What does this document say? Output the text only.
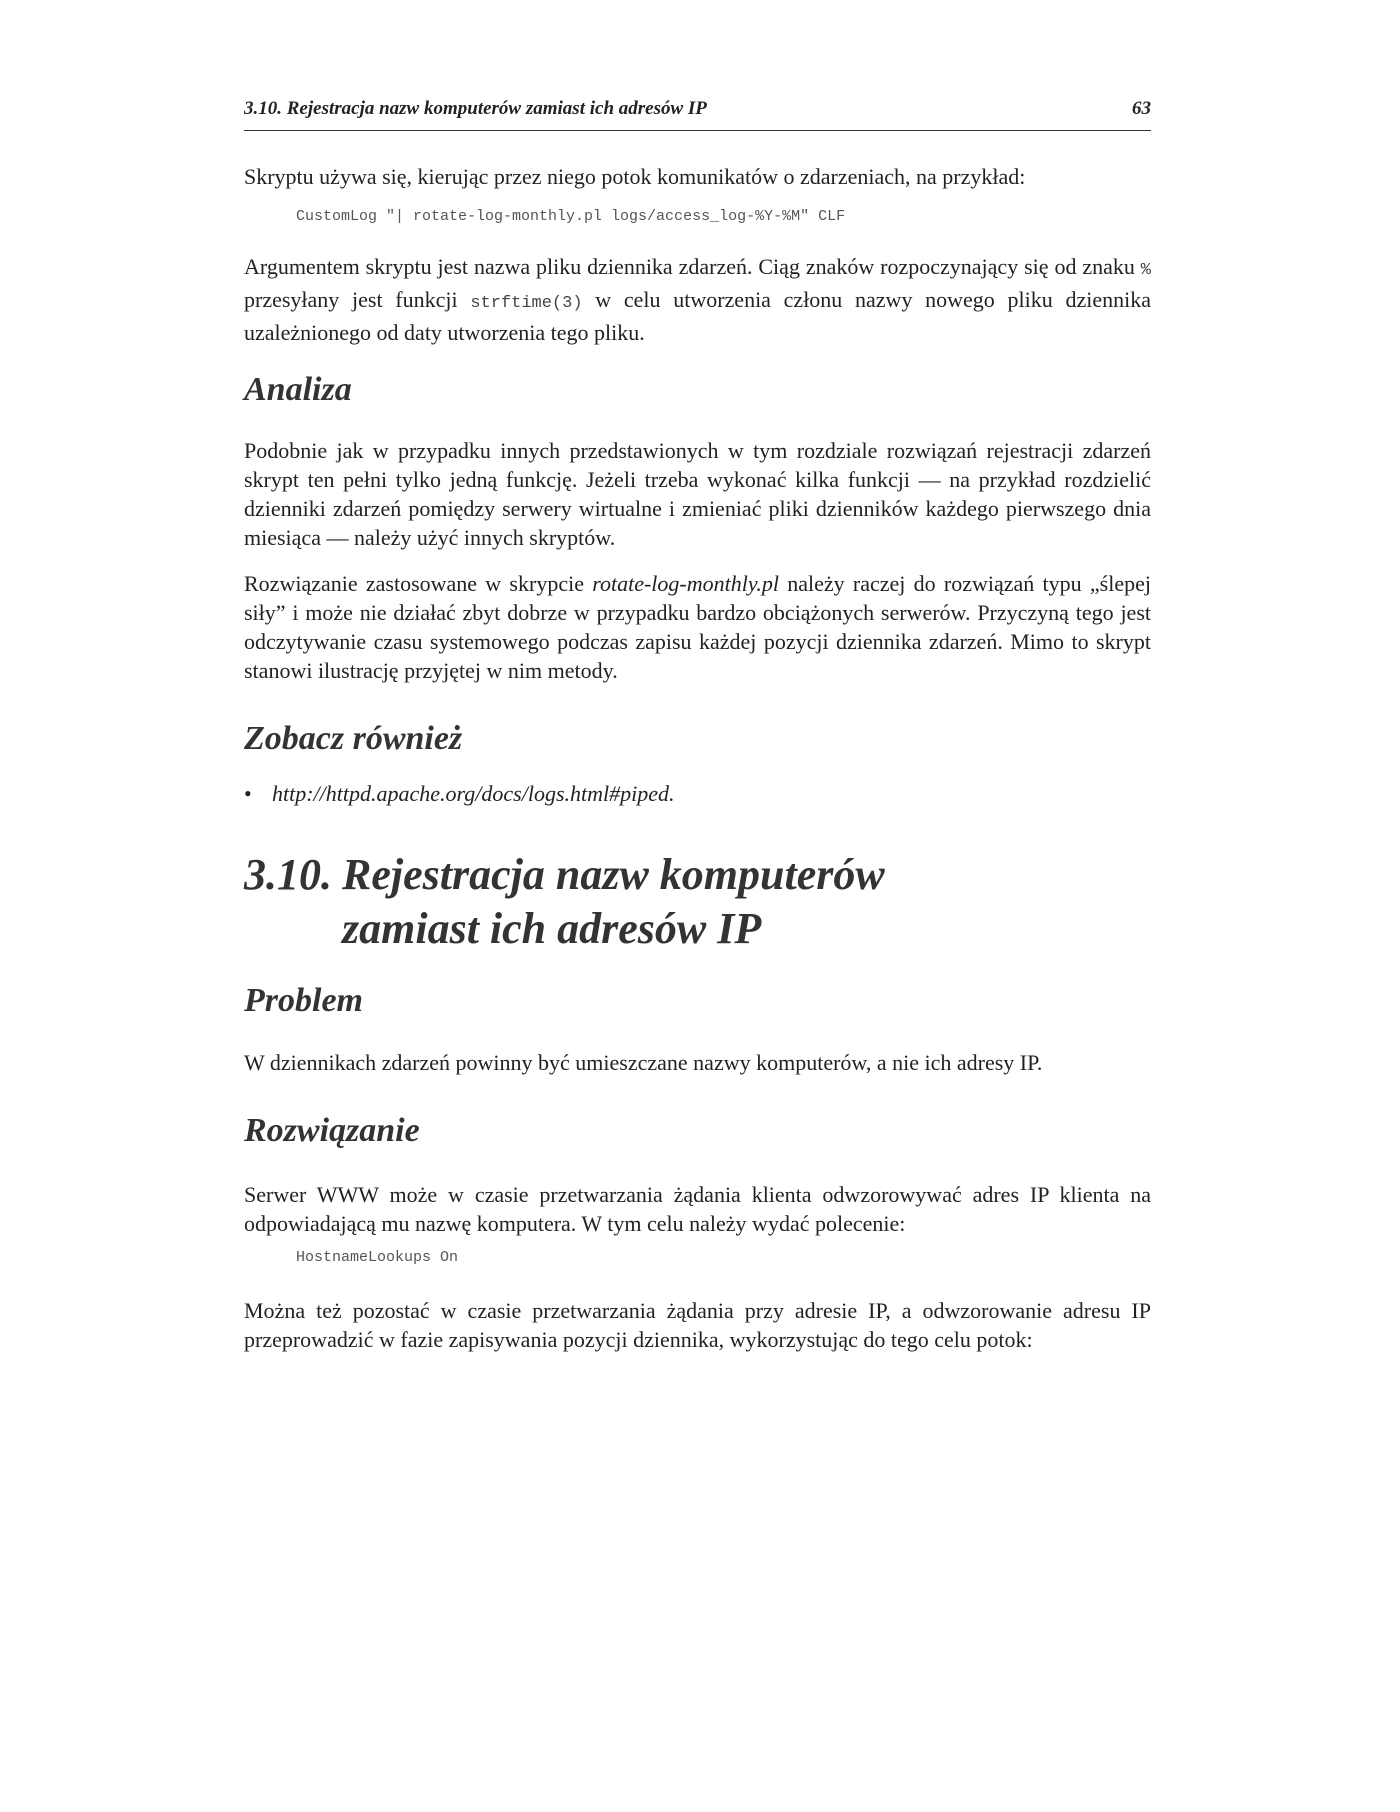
3.10. Rejestracja nazw komputerów zamiast ich adresów IP	63

Skryptu używa się, kierując przez niego potok komunikatów o zdarzeniach, na przykład:

CustomLog "| rotate-log-monthly.pl logs/access_log-%Y-%M" CLF

Argumentem skryptu jest nazwa pliku dziennika zdarzeń. Ciąg znaków rozpoczynający się od znaku % przesyłany jest funkcji strftime(3) w celu utworzenia członu nazwy nowego pliku dziennika uzależnionego od daty utworzenia tego pliku.

Analiza

Podobnie jak w przypadku innych przedstawionych w tym rozdziale rozwiązań rejestracji zdarzeń skrypt ten pełni tylko jedną funkcję. Jeżeli trzeba wykonać kilka funkcji — na przykład rozdzielić dzienniki zdarzeń pomiędzy serwery wirtualne i zmieniać pliki dzienników każdego pierwszego dnia miesiąca — należy użyć innych skryptów.

Rozwiązanie zastosowane w skrypcie rotate-log-monthly.pl należy raczej do rozwiązań typu „ślepej siły” i może nie działać zbyt dobrze w przypadku bardzo obciążonych serwerów. Przyczyną tego jest odczytywanie czasu systemowego podczas zapisu każdej pozycji dziennika zdarzeń. Mimo to skrypt stanowi ilustrację przyjętej w nim metody.

Zobacz również
• http://httpd.apache.org/docs/logs.html#piped.
3.10. Rejestracja nazw komputerów
zamiast ich adresów IP
Problem

W dziennikach zdarzeń powinny być umieszczane nazwy komputerów, a nie ich adresy IP.

Rozwiązanie

Serwer WWW może w czasie przetwarzania żądania klienta odwzorowywać adres IP klienta na odpowiadającą mu nazwę komputera. W tym celu należy wydać polecenie:

HostnameLookups On

Można też pozostać w czasie przetwarzania żądania przy adresie IP, a odwzorowanie adresu IP przeprowadzić w fazie zapisywania pozycji dziennika, wykorzystując do tego celu potok:
